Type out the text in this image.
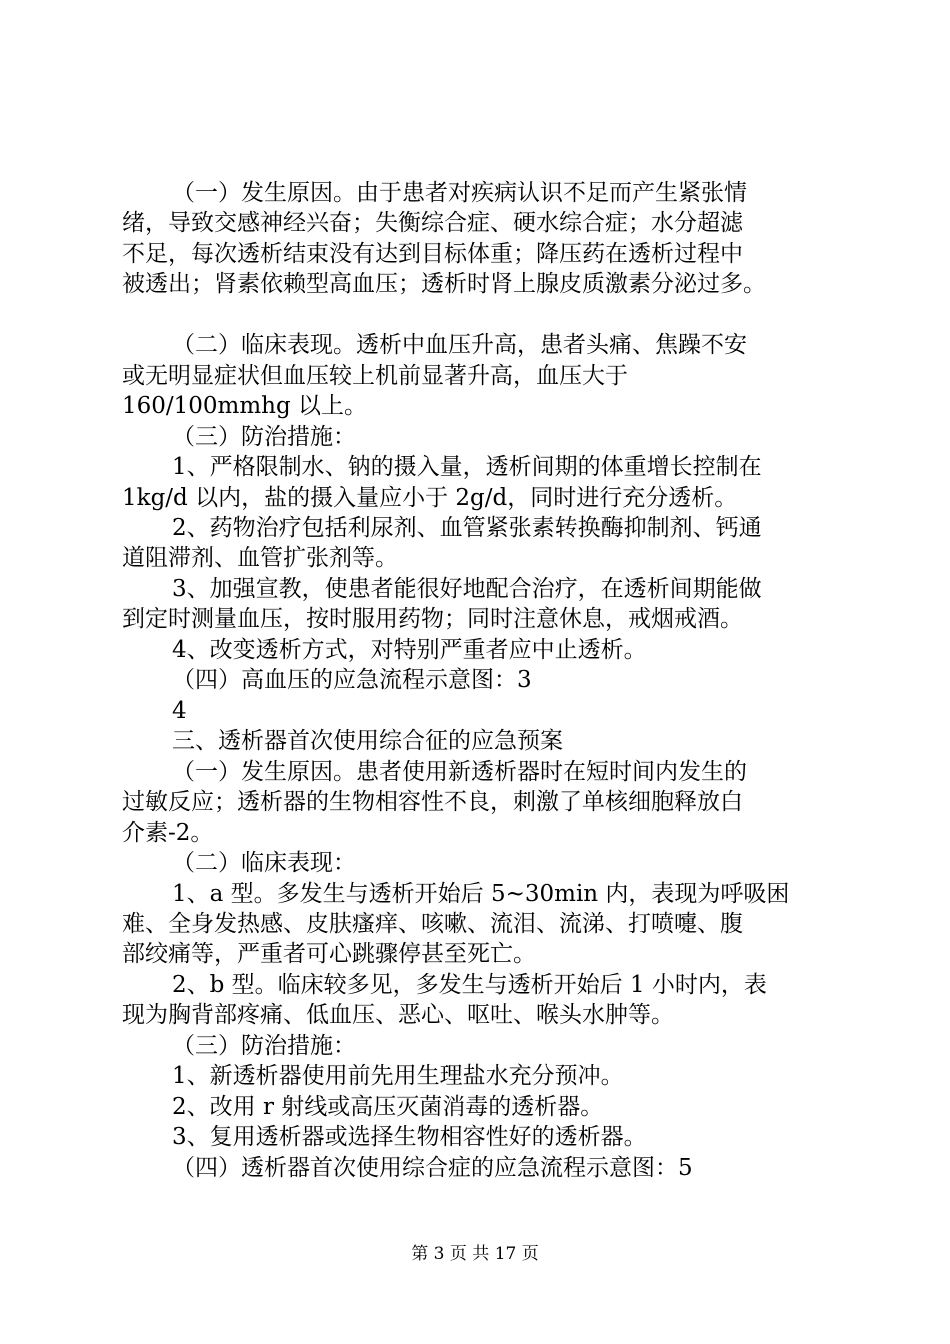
（一）发生原因。由于患者对疾病认识不足而产生紧张情
绪，导致交感神经兴奋；失衡综合症、硬水综合症；水分超滤
不足，每次透析结束没有达到目标体重；降压药在透析过程中
被透出；肾素依赖型高血压；透析时肾上腺皮质激素分泌过多。
（二）临床表现。透析中血压升高，患者头痛、焦躁不安
或无明显症状但血压较上机前显著升高，血压大于
160/100mmhg 以上。
（三）防治措施：
1、严格限制水、钠的摄入量，透析间期的体重增长控制在
1kg/d 以内，盐的摄入量应小于 2g/d，同时进行充分透析。
2、药物治疗包括利尿剂、血管紧张素转换酶抑制剂、钙通
道阻滞剂、血管扩张剂等。
3、加强宣教，使患者能很好地配合治疗，在透析间期能做
到定时测量血压，按时服用药物；同时注意休息，戒烟戒酒。
4、改变透析方式，对特别严重者应中止透析。
（四）高血压的应急流程示意图：3
4
三、透析器首次使用综合征的应急预案
（一）发生原因。患者使用新透析器时在短时间内发生的
过敏反应；透析器的生物相容性不良，刺激了单核细胞释放白
介素-2。
（二）临床表现：
1、a 型。多发生与透析开始后 5~30min 内，表现为呼吸困
难、全身发热感、皮肤瘙痒、咳嗽、流泪、流涕、打喷嚏、腹
部绞痛等，严重者可心跳骤停甚至死亡。
2、b 型。临床较多见，多发生与透析开始后 1 小时内，表
现为胸背部疼痛、低血压、恶心、呕吐、喉头水肿等。
（三）防治措施：
1、新透析器使用前先用生理盐水充分预冲。
2、改用 r 射线或高压灭菌消毒的透析器。
3、复用透析器或选择生物相容性好的透析器。
（四）透析器首次使用综合症的应急流程示意图：5
第 3 页 共 17 页
